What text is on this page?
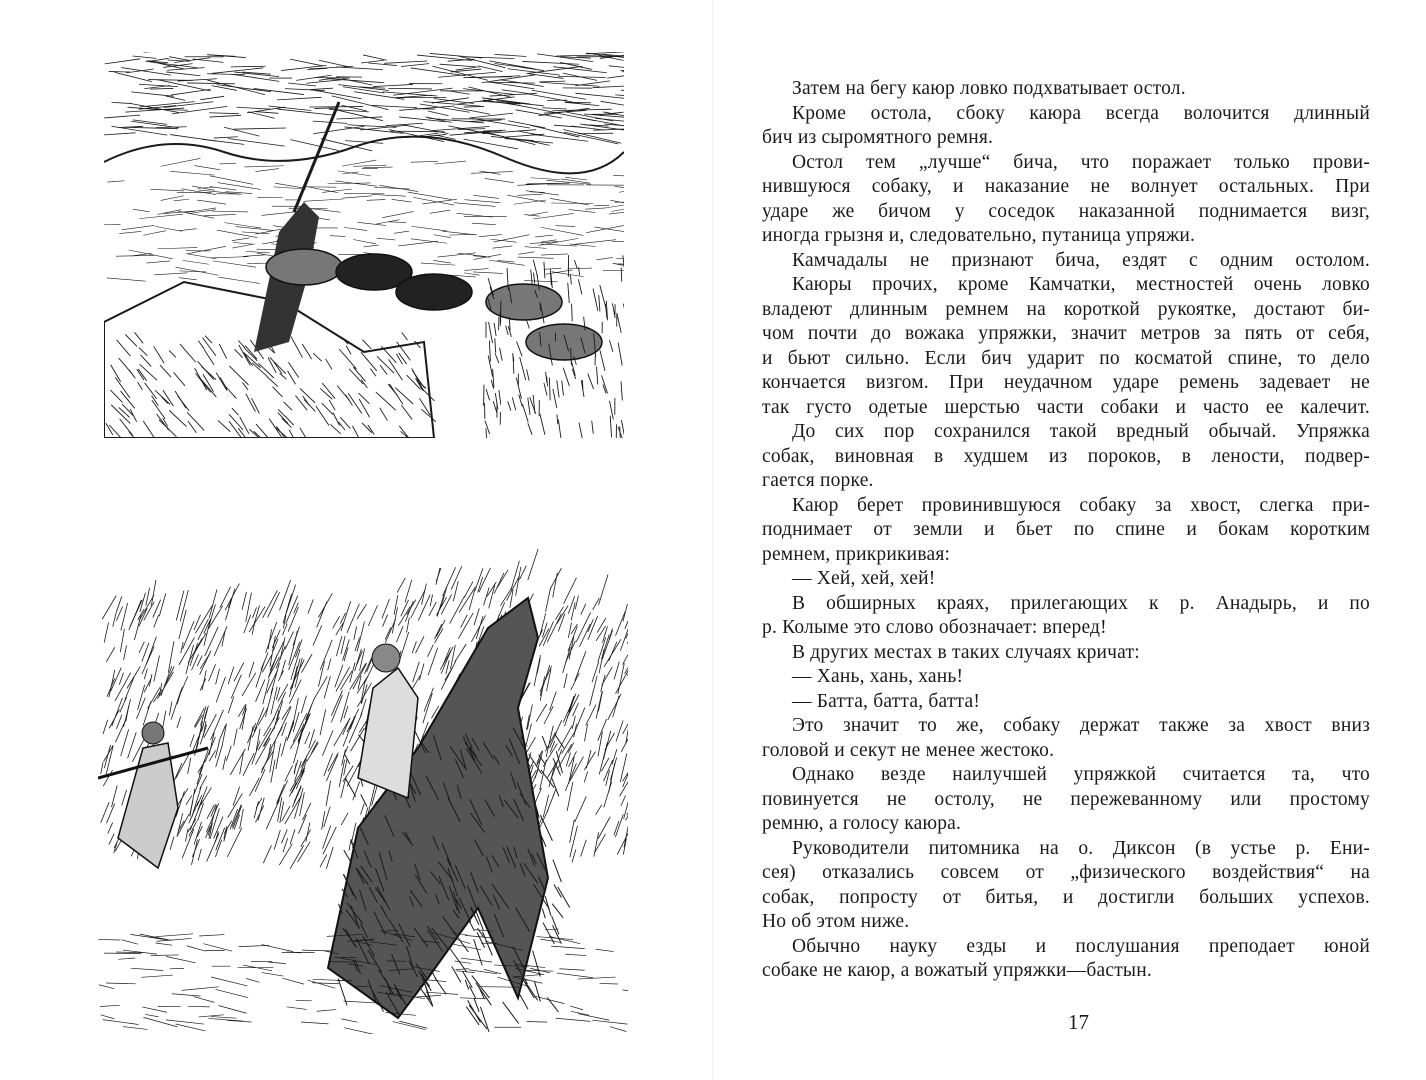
Затем на бегу каюр ловко подхватывает остол.
Кроме остола, сбоку каюра всегда волочится длинный
бич из сыромятного ремня.
Остол тем „лучше“ бича, что поражает только прови-
нившуюся собаку, и наказание не волнует остальных. При
ударе же бичом у соседок наказанной поднимается визг,
иногда грызня и, следовательно, путаница упряжи.
Камчадалы не признают бича, ездят с одним остолом.
Каюры прочих, кроме Камчатки, местностей очень ловко
владеют длинным ремнем на короткой рукоятке, достают би-
чом почти до вожака упряжки, значит метров за пять от себя,
и бьют сильно. Если бич ударит по косматой спине, то дело
кончается визгом. При неудачном ударе ремень задевает не
так густо одетые шерстью части собаки и часто ее калечит.
До сих пор сохранился такой вредный обычай. Упряжка
собак, виновная в худшем из пороков, в лености, подвер-
гается порке.
Каюр берет провинившуюся собаку за хвост, слегка при-
поднимает от земли и бьет по спине и бокам коротким
ремнем, прикрикивая:
— Хей, хей, хей!
В обширных краях, прилегающих к р. Анадырь, и по
р. Колыме это слово обозначает: вперед!
В других местах в таких случаях кричат:
— Хань, хань, хань!
— Батта, батта, батта!
Это значит то же, собаку держат также за хвост вниз
головой и секут не менее жестоко.
Однако везде наилучшей упряжкой считается та, что
повинуется не остолу, не пережеванному или простому
ремню, а голосу каюра.
Руководители питомника на о. Диксон (в устье р. Ени-
сея) отказались совсем от „физического воздействия“ на
собак, попросту от битья, и достигли больших успехов.
Но об этом ниже.
Обычно науку езды и послушания преподает юной
собаке не каюр, а вожатый упряжки—бастын.
17
